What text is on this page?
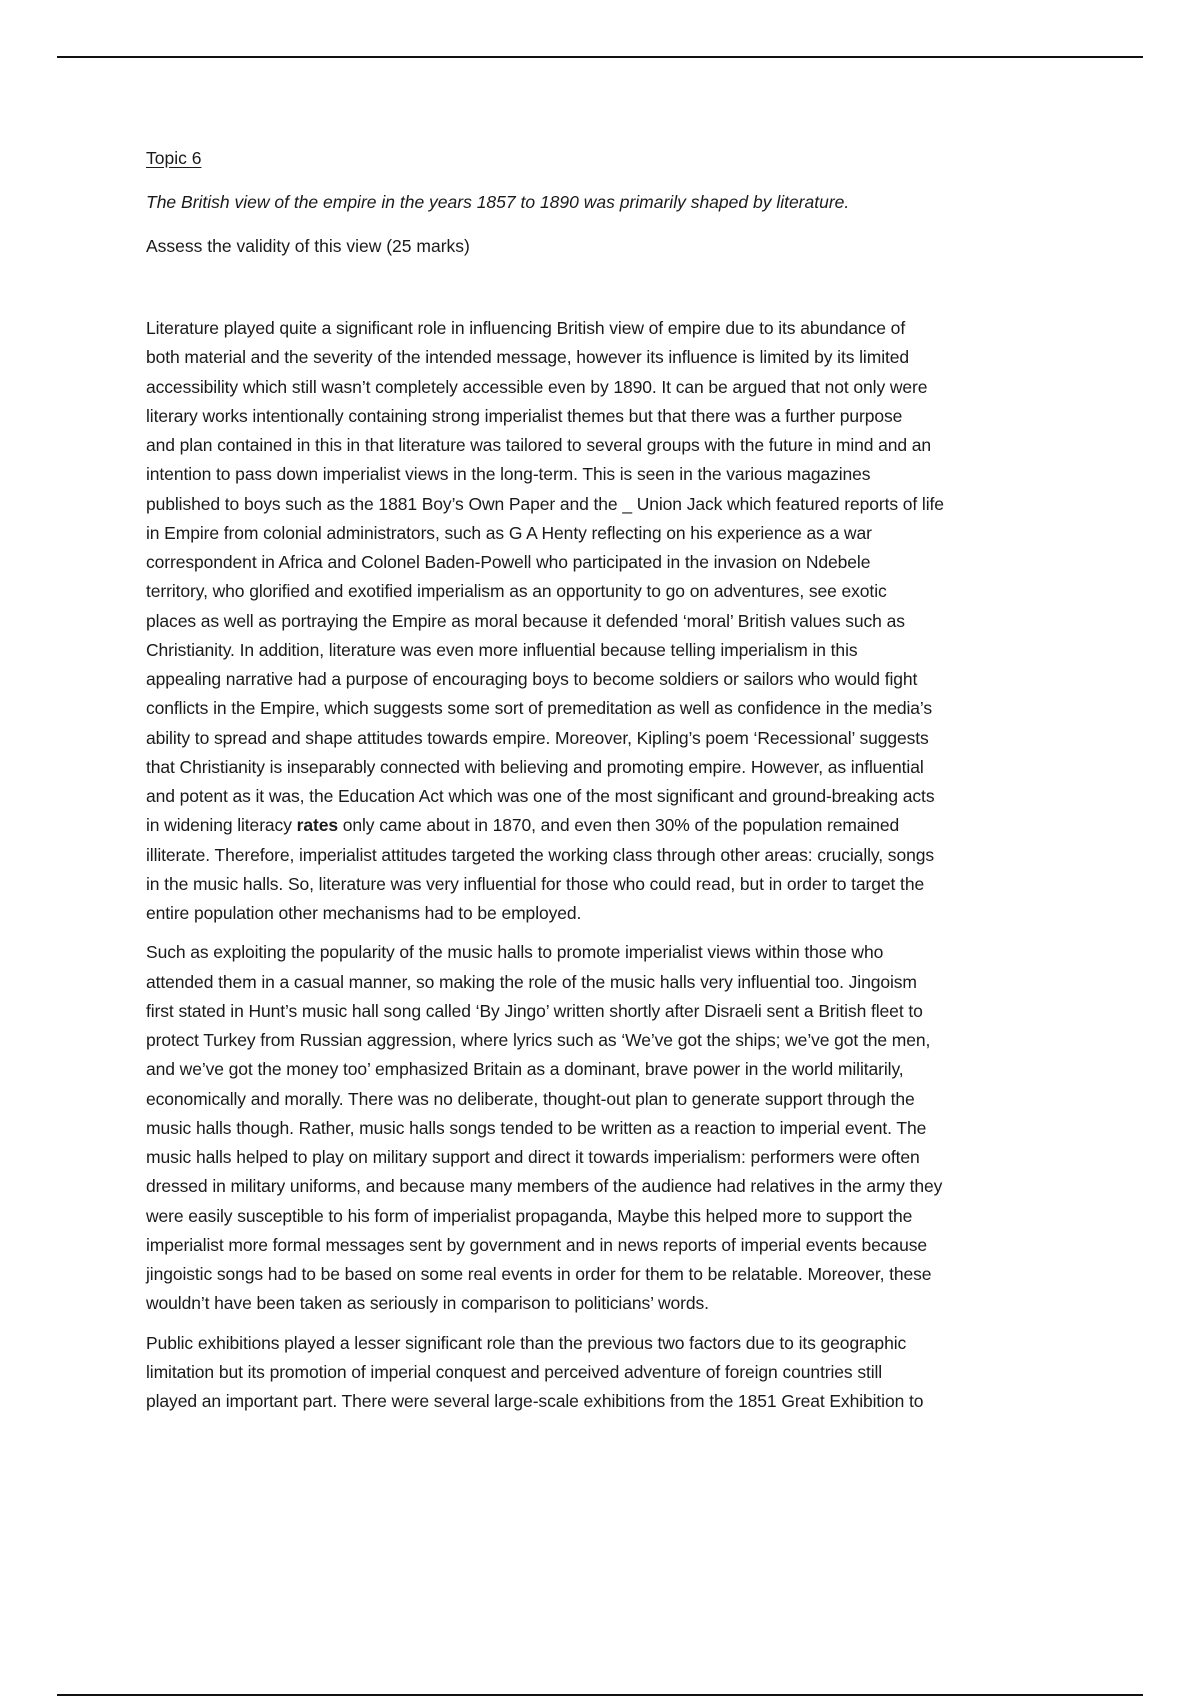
Topic 6

The British view of the empire in the years 1857 to 1890 was primarily shaped by literature.

Assess the validity of this view (25 marks)

Literature played quite a significant role in influencing British view of empire due to its abundance of
both material and the severity of the intended message, however its influence is limited by its limited
accessibility which still wasn’t completely accessible even by 1890. It can be argued that not only were
literary works intentionally containing strong imperialist themes but that there was a further purpose
and plan contained in this in that literature was tailored to several groups with the future in mind and an
intention to pass down imperialist views in the long-term. This is seen in the various magazines
published to boys such as the 1881 Boy’s Own Paper and the _ Union Jack which featured reports of life
in Empire from colonial administrators, such as G A Henty reflecting on his experience as a war
correspondent in Africa and Colonel Baden-Powell who participated in the invasion on Ndebele
territory, who glorified and exotified imperialism as an opportunity to go on adventures, see exotic
places as well as portraying the Empire as moral because it defended ‘moral’ British values such as
Christianity. In addition, literature was even more influential because telling imperialism in this
appealing narrative had a purpose of encouraging boys to become soldiers or sailors who would fight
conflicts in the Empire, which suggests some sort of premeditation as well as confidence in the media’s
ability to spread and shape attitudes towards empire. Moreover, Kipling’s poem ‘Recessional’ suggests
that Christianity is inseparably connected with believing and promoting empire. However, as influential
and potent as it was, the Education Act which was one of the most significant and ground-breaking acts
in widening literacy rates only came about in 1870, and even then 30% of the population remained
illiterate. Therefore, imperialist attitudes targeted the working class through other areas: crucially, songs
in the music halls. So, literature was very influential for those who could read, but in order to target the
entire population other mechanisms had to be employed.

Such as exploiting the popularity of the music halls to promote imperialist views within those who
attended them in a casual manner, so making the role of the music halls very influential too. Jingoism
first stated in Hunt’s music hall song called ‘By Jingo’ written shortly after Disraeli sent a British fleet to
protect Turkey from Russian aggression, where lyrics such as ‘We’ve got the ships; we’ve got the men,
and we’ve got the money too’ emphasized Britain as a dominant, brave power in the world militarily,
economically and morally. There was no deliberate, thought-out plan to generate support through the
music halls though. Rather, music halls songs tended to be written as a reaction to imperial event. The
music halls helped to play on military support and direct it towards imperialism: performers were often
dressed in military uniforms, and because many members of the audience had relatives in the army they
were easily susceptible to his form of imperialist propaganda, Maybe this helped more to support the
imperialist more formal messages sent by government and in news reports of imperial events because
jingoistic songs had to be based on some real events in order for them to be relatable. Moreover, these
wouldn’t have been taken as seriously in comparison to politicians’ words.

Public exhibitions played a lesser significant role than the previous two factors due to its geographic
limitation but its promotion of imperial conquest and perceived adventure of foreign countries still
played an important part. There were several large-scale exhibitions from the 1851 Great Exhibition to
